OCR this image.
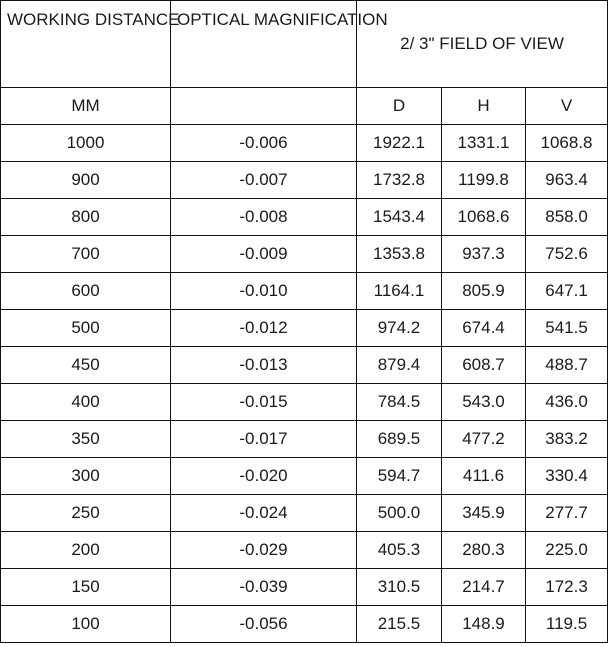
WORKING DISTANCE	OPTICAL MAGNIFICATION	2/ 3" FIELD OF VIEW		
MM		D	H	V
1000	-0.006	1922.1	1331.1	1068.8
900	-0.007	1732.8	1199.8	963.4
800	-0.008	1543.4	1068.6	858.0
700	-0.009	1353.8	937.3	752.6
600	-0.010	1164.1	805.9	647.1
500	-0.012	974.2	674.4	541.5
450	-0.013	879.4	608.7	488.7
400	-0.015	784.5	543.0	436.0
350	-0.017	689.5	477.2	383.2
300	-0.020	594.7	411.6	330.4
250	-0.024	500.0	345.9	277.7
200	-0.029	405.3	280.3	225.0
150	-0.039	310.5	214.7	172.3
100	-0.056	215.5	148.9	119.5
